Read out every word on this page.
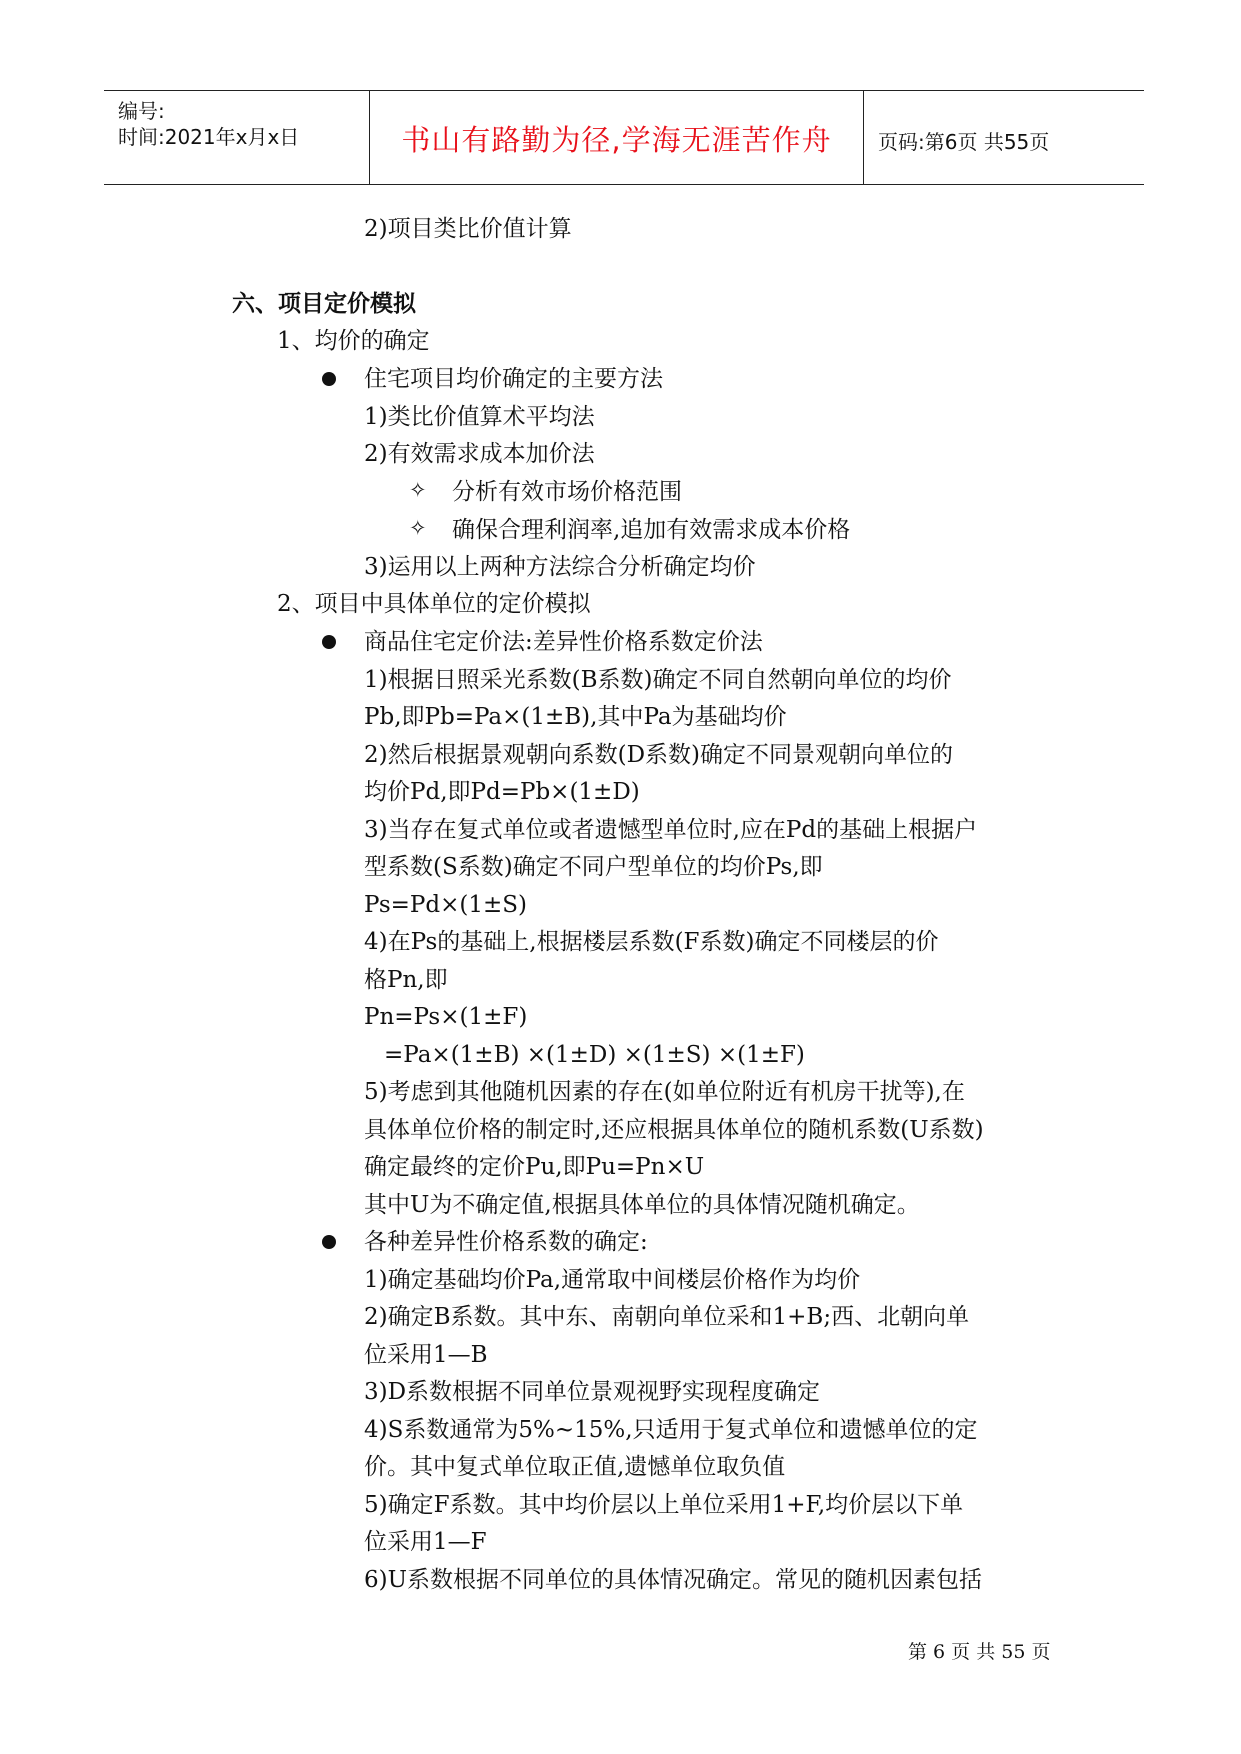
编号:
时间:2021年x月x日	书山有路勤为径,学海无涯苦作舟	页码:第6页 共55页
2)项目类比价值计算
六、项目定价模拟
1、均价的确定
住宅项目均价确定的主要方法
1)类比价值算术平均法
2)有效需求成本加价法
✧ 分析有效市场价格范围
✧ 确保合理利润率,追加有效需求成本价格
3)运用以上两种方法综合分析确定均价
2、项目中具体单位的定价模拟
商品住宅定价法:差异性价格系数定价法
1)根据日照采光系数(B系数)确定不同自然朝向单位的均价
Pb,即Pb=Pa×(1±B),其中Pa为基础均价
2)然后根据景观朝向系数(D系数)确定不同景观朝向单位的
均价Pd,即Pd=Pb×(1±D)
3)当存在复式单位或者遗憾型单位时,应在Pd的基础上根据户
型系数(S系数)确定不同户型单位的均价Ps,即
Ps=Pd×(1±S)
4)在Ps的基础上,根据楼层系数(F系数)确定不同楼层的价
格Pn,即
Pn=Ps×(1±F)
=Pa×(1±B) ×(1±D) ×(1±S) ×(1±F)
5)考虑到其他随机因素的存在(如单位附近有机房干扰等),在
具体单位价格的制定时,还应根据具体单位的随机系数(U系数)
确定最终的定价Pu,即Pu=Pn×U
其中U为不确定值,根据具体单位的具体情况随机确定。
各种差异性价格系数的确定:
1)确定基础均价Pa,通常取中间楼层价格作为均价
2)确定B系数。其中东、南朝向单位采和1+B;西、北朝向单
位采用1—B
3)D系数根据不同单位景观视野实现程度确定
4)S系数通常为5%~15%,只适用于复式单位和遗憾单位的定
价。其中复式单位取正值,遗憾单位取负值
5)确定F系数。其中均价层以上单位采用1+F,均价层以下单
位采用1—F
6)U系数根据不同单位的具体情况确定。常见的随机因素包括
第 6 页 共 55 页
